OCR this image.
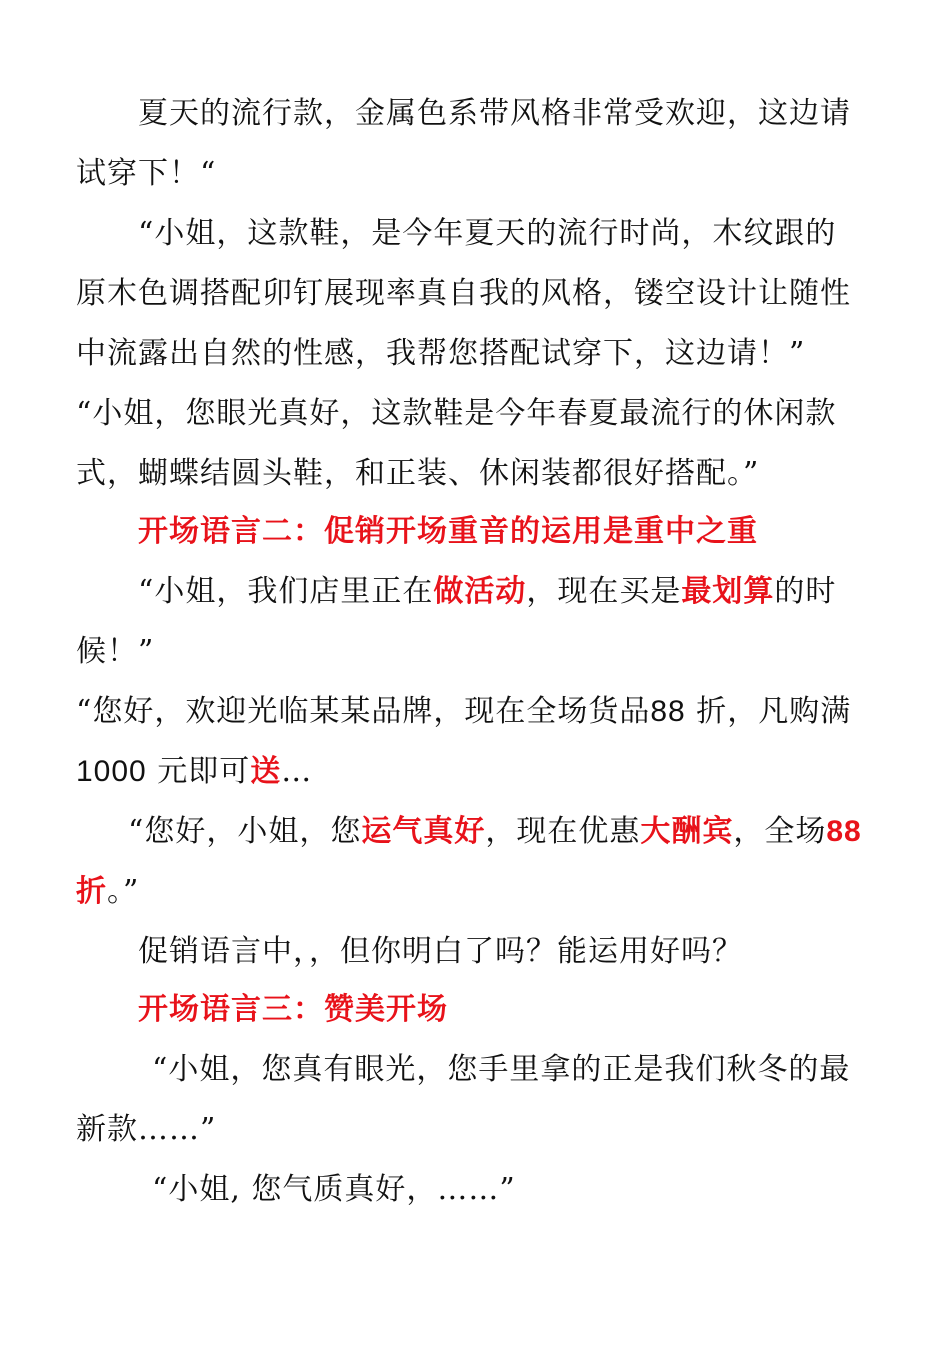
夏天的流行款，金属色系带风格非常受欢迎，这边请
试穿下！“
“小姐，这款鞋，是今年夏天的流行时尚，木纹跟的
原木色调搭配卯钉展现率真自我的风格，镂空设计让随性
中流露出自然的性感，我帮您搭配试穿下，这边请！”
“小姐，您眼光真好，这款鞋是今年春夏最流行的休闲款
式，蝴蝶结圆头鞋，和正装、休闲装都很好搭配。”
开场语言二：促销开场重音的运用是重中之重
“小姐，我们店里正在做活动，现在买是最划算的时
候！”
“您好，欢迎光临某某品牌，现在全场货品88 折，凡购满
1000 元即可送…
“您好，小姐，您运气真好，现在优惠大酬宾，全场88
折。”
促销语言中，，但你明白了吗？能运用好吗？
开场语言三：赞美开场
“小姐，您真有眼光，您手里拿的正是我们秋冬的最
新款……”
“小姐, 您气质真好，……”
